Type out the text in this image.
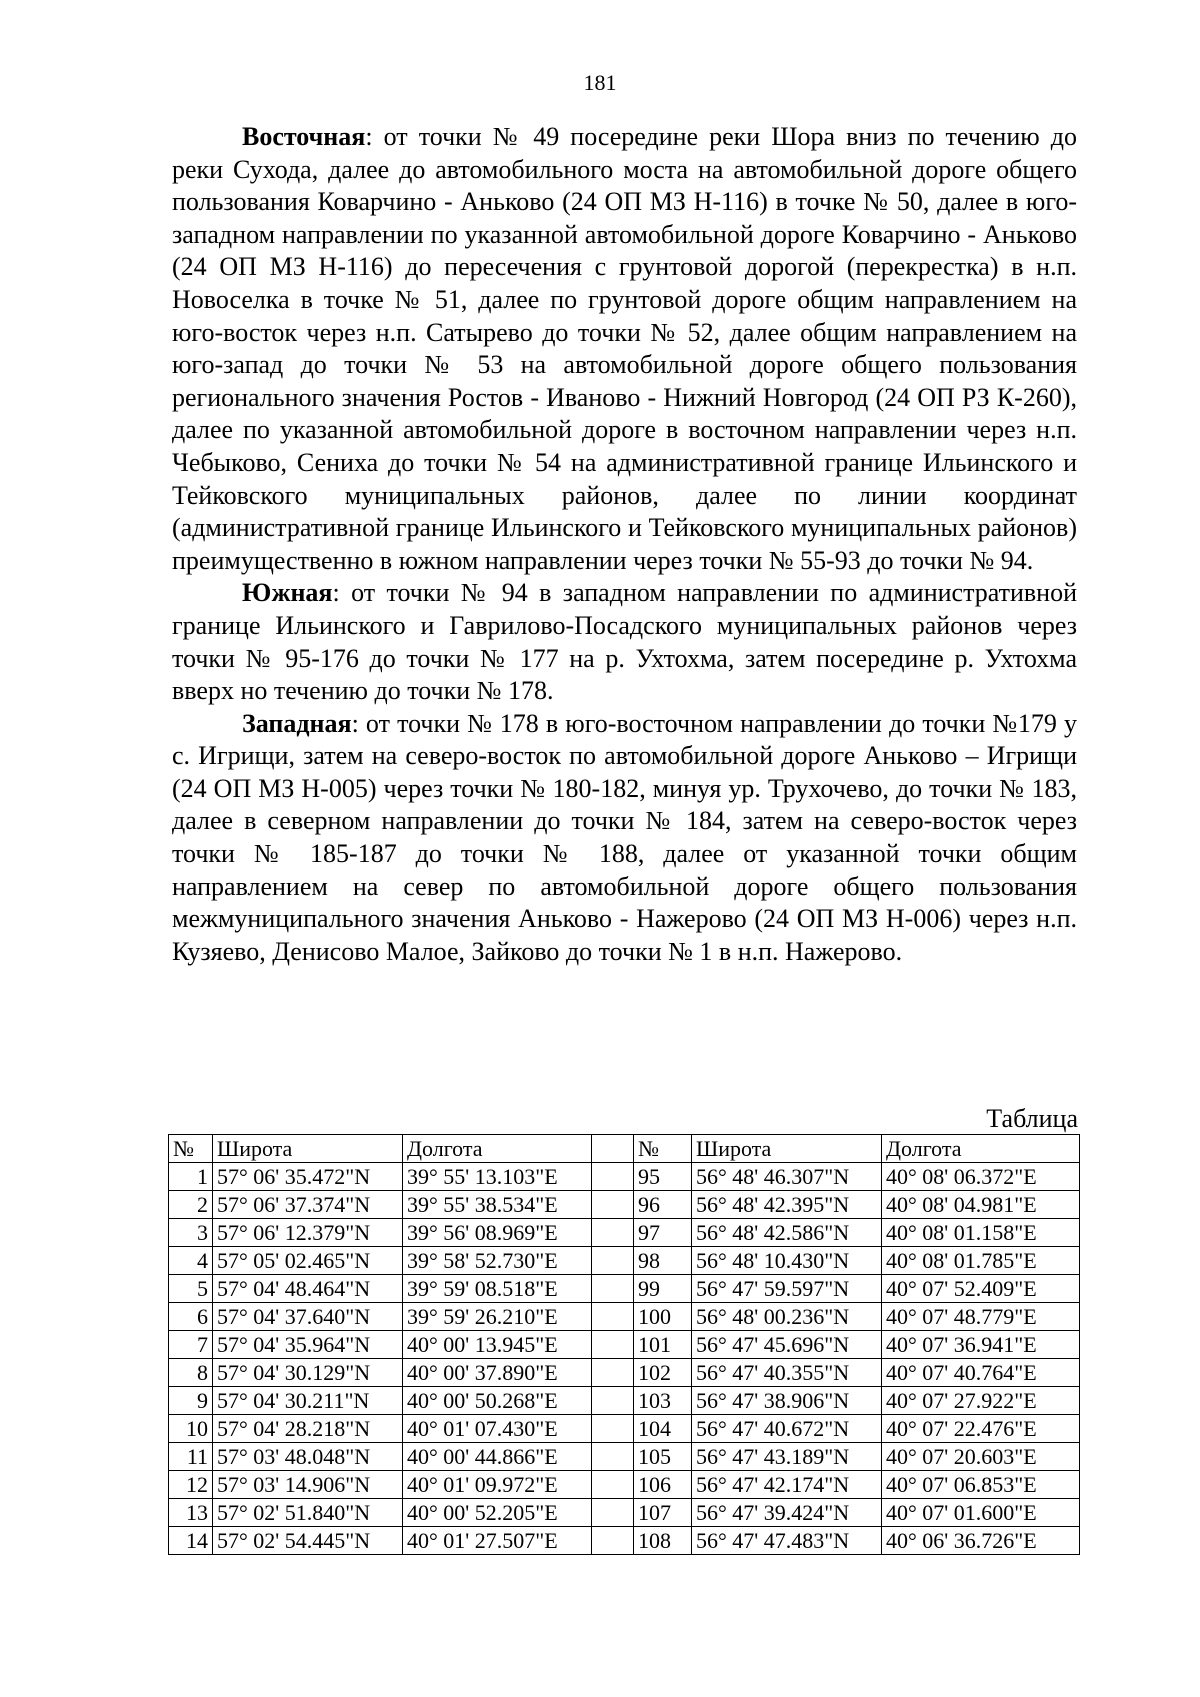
181

Восточная: от точки № 49 посередине реки Шора вниз по течению до реки Сухода, далее до автомобильного моста на автомобильной дороге общего пользования Коварчино - Аньково (24 ОП МЗ Н-116) в точке № 50, далее в юго-западном направлении по указанной автомобильной дороге Коварчино - Аньково (24 ОП МЗ Н-116) до пересечения с грунтовой дорогой (перекрестка) в н.п. Новоселка в точке № 51, далее по грунтовой дороге общим направлением на юго-восток через н.п. Сатырево до точки № 52, далее общим направлением на юго-запад до точки № 53 на автомобильной дороге общего пользования регионального значения Ростов - Иваново - Нижний Новгород (24 ОП РЗ К-260), далее по указанной автомобильной дороге в восточном направлении через н.п. Чебыково, Сениха до точки № 54 на административной границе Ильинского и Тейковского муниципальных районов, далее по линии координат (административной границе Ильинского и Тейковского муниципальных районов) преимущественно в южном направлении через точки № 55-93 до точки № 94.

Южная: от точки № 94 в западном направлении по административной границе Ильинского и Гаврилово-Посадского муниципальных районов через точки № 95-176 до точки № 177 на р. Ухтохма, затем посередине р. Ухтохма вверх но течению до точки № 178.

Западная: от точки № 178 в юго-восточном направлении до точки №179 у с. Игрищи, затем на северо-восток по автомобильной дороге Аньково – Игрищи (24 ОП МЗ Н-005) через точки № 180-182, минуя ур. Трухочево, до точки № 183, далее в северном направлении до точки № 184, затем на северо-восток через точки № 185-187 до точки № 188, далее от указанной точки общим направлением на север по автомобильной дороге общего пользования межмуниципального значения Аньково - Нажерово (24 ОП МЗ Н-006) через н.п. Кузяево, Денисово Малое, Зайково до точки № 1 в н.п. Нажерово.

Таблица
№	Широта	Долгота		№	Широта	Долгота
1	57° 06' 35.472"N	39° 55' 13.103"E		95	56° 48' 46.307"N	40° 08' 06.372"E
2	57° 06' 37.374"N	39° 55' 38.534"E		96	56° 48' 42.395"N	40° 08' 04.981"E
3	57° 06' 12.379"N	39° 56' 08.969"E		97	56° 48' 42.586"N	40° 08' 01.158"E
4	57° 05' 02.465"N	39° 58' 52.730"E		98	56° 48' 10.430"N	40° 08' 01.785"E
5	57° 04' 48.464"N	39° 59' 08.518"E		99	56° 47' 59.597"N	40° 07' 52.409"E
6	57° 04' 37.640"N	39° 59' 26.210"E		100	56° 48' 00.236"N	40° 07' 48.779"E
7	57° 04' 35.964"N	40° 00' 13.945"E		101	56° 47' 45.696"N	40° 07' 36.941"E
8	57° 04' 30.129"N	40° 00' 37.890"E		102	56° 47' 40.355"N	40° 07' 40.764"E
9	57° 04' 30.211"N	40° 00' 50.268"E		103	56° 47' 38.906"N	40° 07' 27.922"E
10	57° 04' 28.218"N	40° 01' 07.430"E		104	56° 47' 40.672"N	40° 07' 22.476"E
11	57° 03' 48.048"N	40° 00' 44.866"E		105	56° 47' 43.189"N	40° 07' 20.603"E
12	57° 03' 14.906"N	40° 01' 09.972"E		106	56° 47' 42.174"N	40° 07' 06.853"E
13	57° 02' 51.840"N	40° 00' 52.205"E		107	56° 47' 39.424"N	40° 07' 01.600"E
14	57° 02' 54.445"N	40° 01' 27.507"E		108	56° 47' 47.483"N	40° 06' 36.726"E
